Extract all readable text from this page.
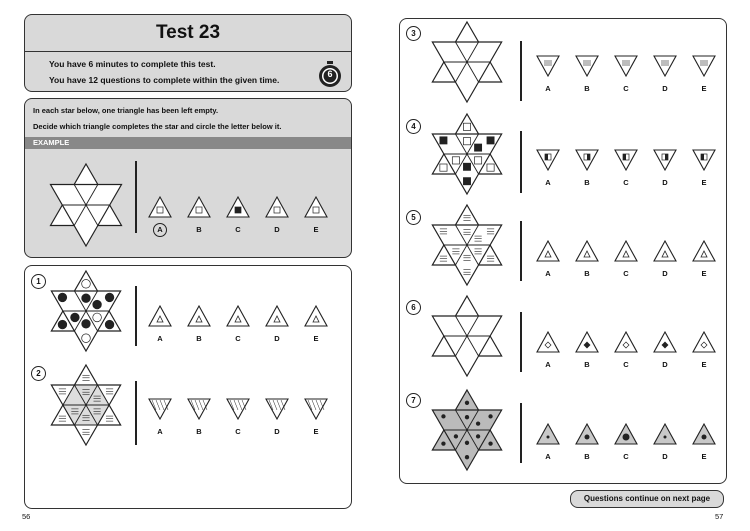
Test 23
You have 6 minutes to complete this test.
You have 12 questions to complete within the given time.
6
In each star below, one triangle has been left empty.
Decide which triangle completes the star and circle the letter below it.
EXAMPLE
56
Questions continue on next page
57
A	B	C	D	E
1
A	B	C	D	E
2
A	B	C	D	E
3
A	B	C	D	E
4
A	B	C	D	E
5
A	B	C	D	E
6
A	B	C	D	E
7
A	B	C	D	E
